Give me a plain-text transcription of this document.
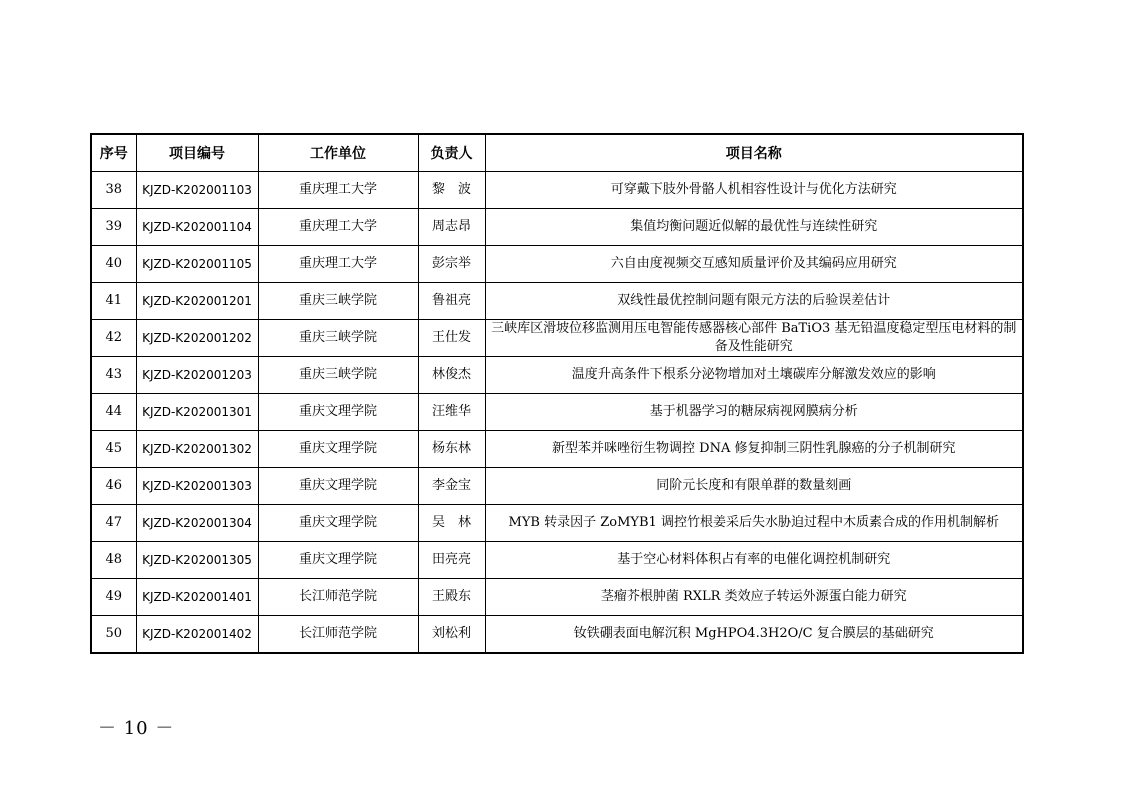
序号	项目编号	工作单位	负责人	项目名称
38	KJZD-K202001103	重庆理工大学	黎　波	可穿戴下肢外骨骼人机相容性设计与优化方法研究

39	KJZD-K202001104	重庆理工大学	周志昂	集值均衡问题近似解的最优性与连续性研究

40	KJZD-K202001105	重庆理工大学	彭宗举	六自由度视频交互感知质量评价及其编码应用研究

41	KJZD-K202001201	重庆三峡学院	鲁祖亮	双线性最优控制问题有限元方法的后验误差估计

42	KJZD-K202001202	重庆三峡学院	王仕发	三峡库区滑坡位移监测用压电智能传感器核心部件 BaTiO3 基无铅温度稳定型压电材料的制备及性能研究

43	KJZD-K202001203	重庆三峡学院	林俊杰	温度升高条件下根系分泌物增加对土壤碳库分解激发效应的影响

44	KJZD-K202001301	重庆文理学院	汪维华	基于机器学习的糖尿病视网膜病分析

45	KJZD-K202001302	重庆文理学院	杨东林	新型苯并咪唑衍生物调控 DNA 修复抑制三阴性乳腺癌的分子机制研究

46	KJZD-K202001303	重庆文理学院	李金宝	同阶元长度和有限单群的数量刻画

47	KJZD-K202001304	重庆文理学院	吴　林	MYB 转录因子 ZoMYB1 调控竹根姜采后失水胁迫过程中木质素合成的作用机制解析

48	KJZD-K202001305	重庆文理学院	田亮亮	基于空心材料体积占有率的电催化调控机制研究

49	KJZD-K202001401	长江师范学院	王殿东	茎瘤芥根肿菌 RXLR 类效应子转运外源蛋白能力研究

50	KJZD-K202001402	长江师范学院	刘松利	钕铁硼表面电解沉积 MgHPO4.3H2O/C 复合膜层的基础研究
－ 10 －
